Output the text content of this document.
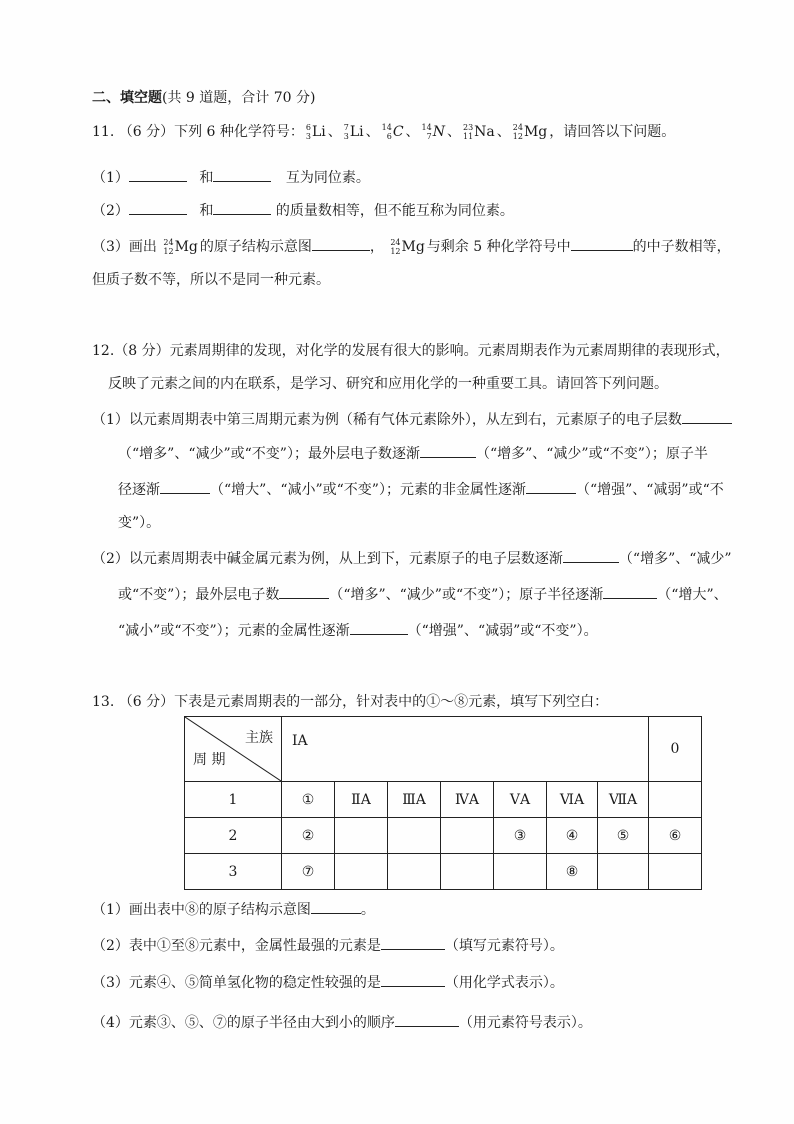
二、填空题(共 9 道题，合计 70 分)
11. （6 分）下列 6 种化学符号： 6
3 Li 、 7
3 Li 、 14
6 C 、 14
7 N 、 23
11 Na 、 24
12 Mg ，请回答以下问题。
（1）	和	互为同位素。
（2）	和	的质量数相等，但不能互称为同位素。
（3）画出 24
12 Mg 的原子结构示意图	， 24
12 Mg 与剩余 5 种化学符号中	的中子数相等，
但质子数不等，所以不是同一种元素。
12.（8 分）元素周期律的发现，对化学的发展有很大的影响。元素周期表作为元素周期律的表现形式，
反映了元素之间的内在联系，是学习、研究和应用化学的一种重要工具。请回答下列问题。
（1）以元素周期表中第三周期元素为例（稀有气体元素除外），从左到右，元素原子的电子层数
（“增多”、“减少”或“不变”）；最外层电子数逐渐	（“增多”、“减少”或“不变”）；原子半
径逐渐	（“增大”、“减小”或“不变”）；元素的非金属性逐渐	（“增强”、“减弱”或“不
变”）。
（2）以元素周期表中碱金属元素为例，从上到下，元素原子的电子层数逐渐	（“增多”、“减少”
或“不变”）；最外层电子数	（“增多”、“减少”或“不变”）；原子半径逐渐	（“增大”、
“减小”或“不变”）；元素的金属性逐渐	（“增强”、“减弱”或“不变”）。
13. （6 分）下表是元素周期表的一部分，针对表中的①～⑧元素，填写下列空白：
主族
周 期	IA							0
1	①	ⅡA	ⅢA	ⅣA	ⅤA	ⅥA	ⅦA	
2	②				③	④	⑤	⑥
3	⑦					⑧		
（1）画出表中⑧的原子结构示意图	。
（2）表中①至⑧元素中，金属性最强的元素是	（填写元素符号）。
（3）元素④、⑤简单氢化物的稳定性较强的是	（用化学式表示）。
（4）元素③、⑤、⑦的原子半径由大到小的顺序	（用元素符号表示）。
